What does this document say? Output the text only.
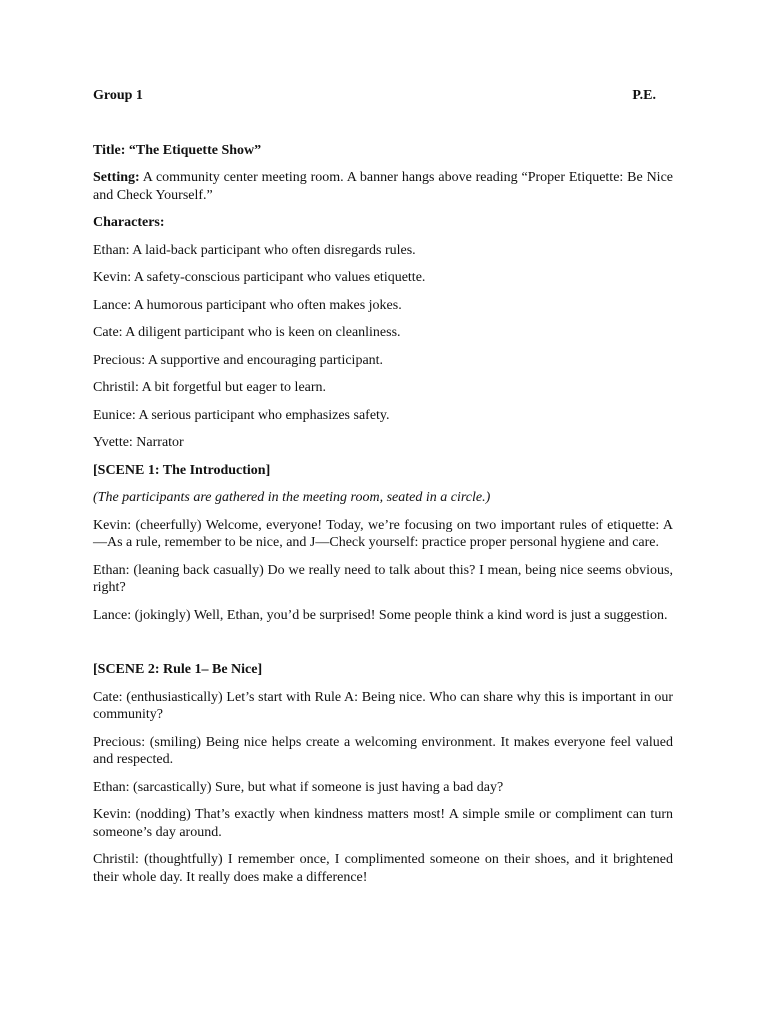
Group 1	P.E.

Title: “The Etiquette Show”

Setting: A community center meeting room. A banner hangs above reading “Proper Etiquette: Be Nice and Check Yourself.”

Characters:

Ethan: A laid-back participant who often disregards rules.

Kevin: A safety-conscious participant who values etiquette.

Lance: A humorous participant who often makes jokes.

Cate: A diligent participant who is keen on cleanliness.

Precious: A supportive and encouraging participant.

Christil: A bit forgetful but eager to learn.

Eunice: A serious participant who emphasizes safety.

Yvette: Narrator

[SCENE 1: The Introduction]

(The participants are gathered in the meeting room, seated in a circle.)

Kevin: (cheerfully) Welcome, everyone! Today, we’re focusing on two important rules of etiquette: A—As a rule, remember to be nice, and J—Check yourself: practice proper personal hygiene and care.

Ethan: (leaning back casually) Do we really need to talk about this? I mean, being nice seems obvious, right?

Lance: (jokingly) Well, Ethan, you’d be surprised! Some people think a kind word is just a suggestion.

[SCENE 2: Rule 1– Be Nice]

Cate: (enthusiastically) Let’s start with Rule A: Being nice. Who can share why this is important in our community?

Precious: (smiling) Being nice helps create a welcoming environment. It makes everyone feel valued and respected.

Ethan: (sarcastically) Sure, but what if someone is just having a bad day?

Kevin: (nodding) That’s exactly when kindness matters most! A simple smile or compliment can turn someone’s day around.

Christil: (thoughtfully) I remember once, I complimented someone on their shoes, and it brightened their whole day. It really does make a difference!
